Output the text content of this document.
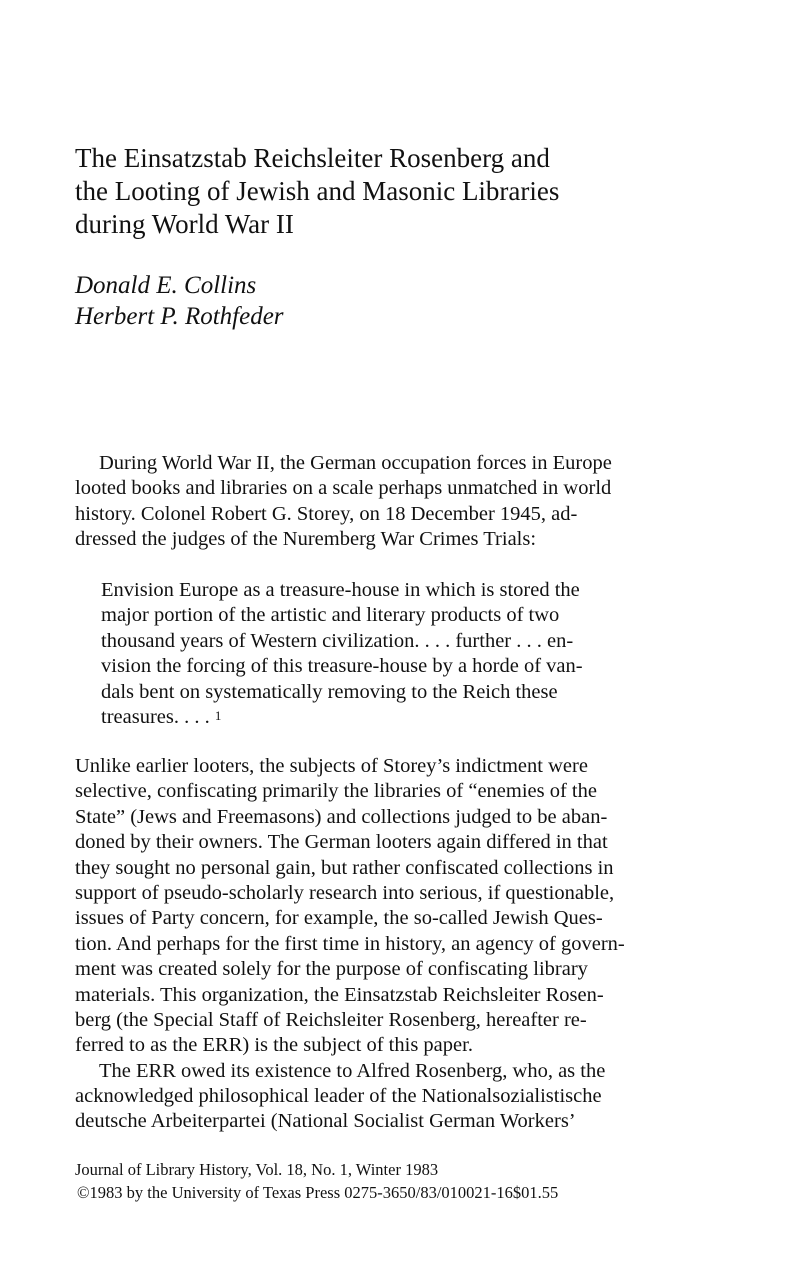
The Einsatzstab Reichsleiter Rosenberg and
the Looting of Jewish and Masonic Libraries
during World War II
Donald E. Collins
Herbert P. Rothfeder
During World War II, the German occupation forces in Europe
looted books and libraries on a scale perhaps unmatched in world
history. Colonel Robert G. Storey, on 18 December 1945, ad-
dressed the judges of the Nuremberg War Crimes Trials:
Envision Europe as a treasure-house in which is stored the
major portion of the artistic and literary products of two
thousand years of Western civilization. . . . further . . . en-
vision the forcing of this treasure-house by a horde of van-
dals bent on systematically removing to the Reich these
treasures. . . . $^1$
Unlike earlier looters, the subjects of Storey’s indictment were
selective, confiscating primarily the libraries of “enemies of the
State” (Jews and Freemasons) and collections judged to be aban-
doned by their owners. The German looters again differed in that
they sought no personal gain, but rather confiscated collections in
support of pseudo-scholarly research into serious, if questionable,
issues of Party concern, for example, the so-called Jewish Ques-
tion. And perhaps for the first time in history, an agency of govern-
ment was created solely for the purpose of confiscating library
materials. This organization, the Einsatzstab Reichsleiter Rosen-
berg (the Special Staff of Reichsleiter Rosenberg, hereafter re-
ferred to as the ERR) is the subject of this paper.
The ERR owed its existence to Alfred Rosenberg, who, as the
acknowledged philosophical leader of the Nationalsozialistische
deutsche Arbeiterpartei (National Socialist German Workers’
Journal of Library History, Vol. 18, No. 1, Winter 1983
©1983 by the University of Texas Press 0275-3650/83/010021-16$01.55
